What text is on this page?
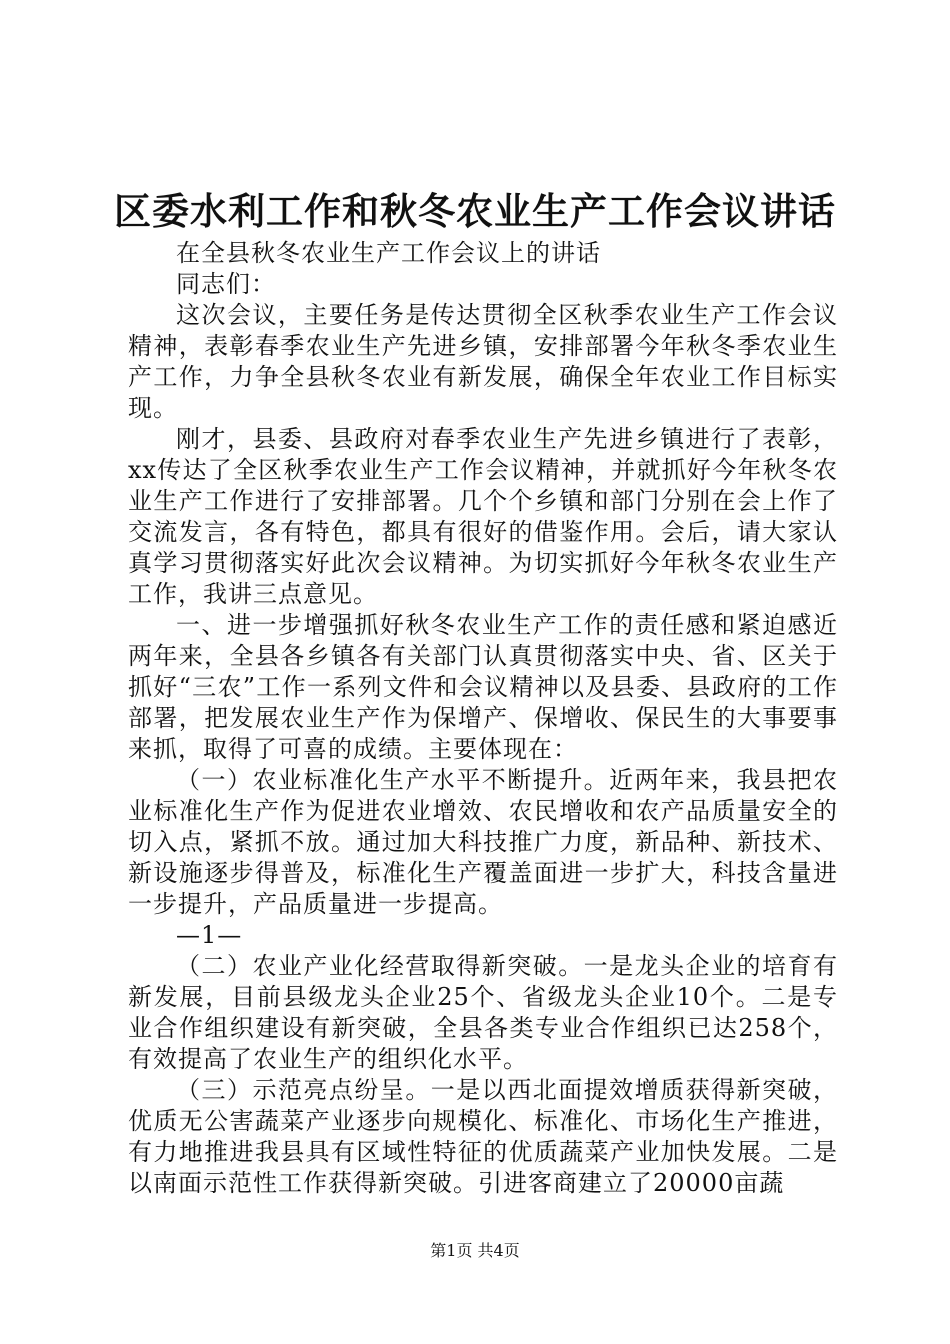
区委水利工作和秋冬农业生产工作会议讲话

在全县秋冬农业生产工作会议上的讲话

同志们：

这次会议，主要任务是传达贯彻全区秋季农业生产工作会议精神，表彰春季农业生产先进乡镇，安排部署今年秋冬季农业生产工作，力争全县秋冬农业有新发展，确保全年农业工作目标实现。

刚才，县委、县政府对春季农业生产先进乡镇进行了表彰，xx传达了全区秋季农业生产工作会议精神，并就抓好今年秋冬农业生产工作进行了安排部署。几个个乡镇和部门分别在会上作了交流发言，各有特色，都具有很好的借鉴作用。会后，请大家认真学习贯彻落实好此次会议精神。为切实抓好今年秋冬农业生产工作，我讲三点意见。

一、进一步增强抓好秋冬农业生产工作的责任感和紧迫感近两年来，全县各乡镇各有关部门认真贯彻落实中央、省、区关于抓好“三农”工作一系列文件和会议精神以及县委、县政府的工作部署，把发展农业生产作为保增产、保增收、保民生的大事要事来抓，取得了可喜的成绩。主要体现在：

（一）农业标准化生产水平不断提升。近两年来，我县把农业标准化生产作为促进农业增效、农民增收和农产品质量安全的切入点，紧抓不放。通过加大科技推广力度，新品种、新技术、新设施逐步得普及，标准化生产覆盖面进一步扩大，科技含量进一步提升，产品质量进一步提高。

—1—

（二）农业产业化经营取得新突破。一是龙头企业的培育有新发展，目前县级龙头企业25个、省级龙头企业10个。二是专业合作组织建设有新突破，全县各类专业合作组织已达258个，有效提高了农业生产的组织化水平。

（三）示范亮点纷呈。一是以西北面提效增质获得新突破，优质无公害蔬菜产业逐步向规模化、标准化、市场化生产推进，有力地推进我县具有区域性特征的优质蔬菜产业加快发展。二是以南面示范性工作获得新突破。引进客商建立了20000亩蔬

第1页 共4页
